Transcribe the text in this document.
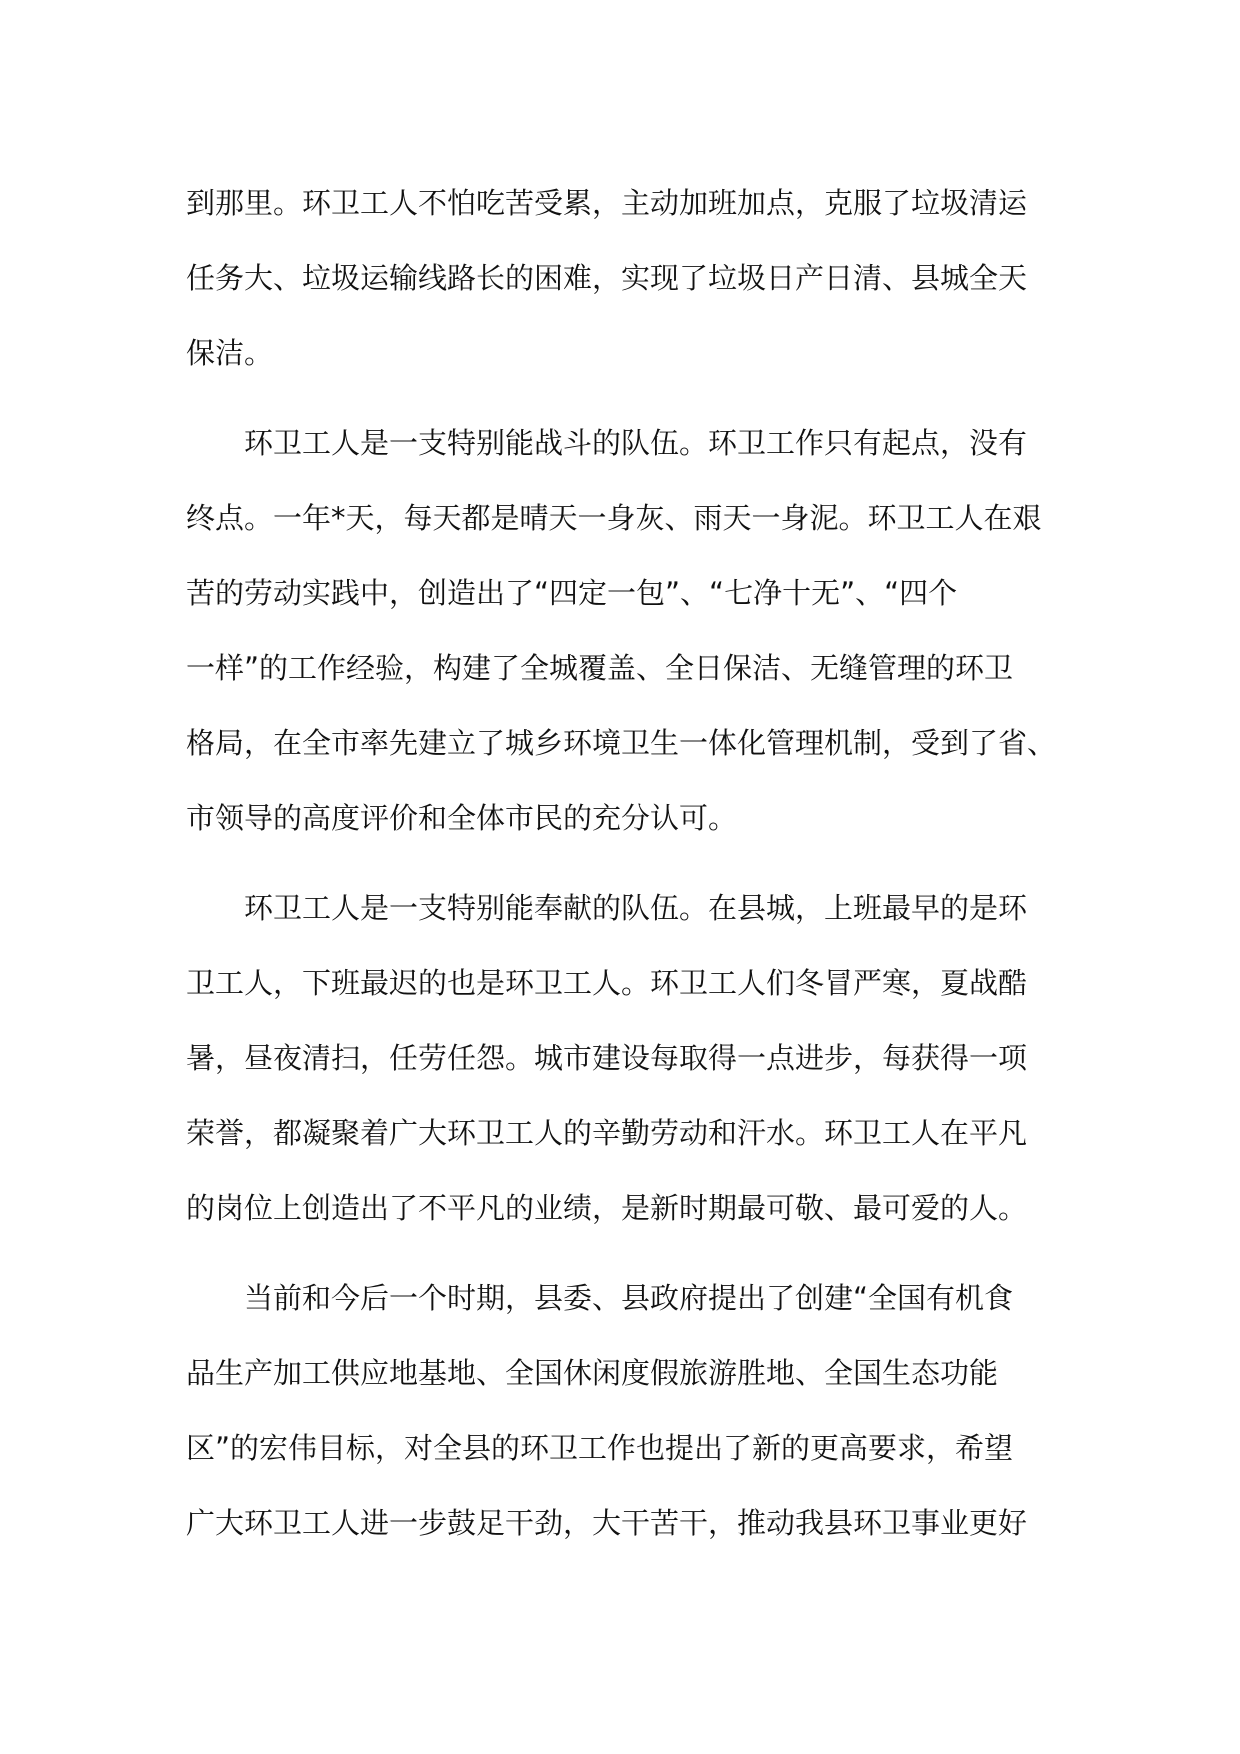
到那里。环卫工人不怕吃苦受累，主动加班加点，克服了垃圾清运
任务大、垃圾运输线路长的困难，实现了垃圾日产日清、县城全天
保洁。
环卫工人是一支特别能战斗的队伍。环卫工作只有起点，没有
终点。一年*天，每天都是晴天一身灰、雨天一身泥。环卫工人在艰
苦的劳动实践中，创造出了“四定一包”、“七净十无”、“四个
一样”的工作经验，构建了全城覆盖、全日保洁、无缝管理的环卫
格局，在全市率先建立了城乡环境卫生一体化管理机制，受到了省、
市领导的高度评价和全体市民的充分认可。
环卫工人是一支特别能奉献的队伍。在县城，上班最早的是环
卫工人，下班最迟的也是环卫工人。环卫工人们冬冒严寒，夏战酷
暑，昼夜清扫，任劳任怨。城市建设每取得一点进步，每获得一项
荣誉，都凝聚着广大环卫工人的辛勤劳动和汗水。环卫工人在平凡
的岗位上创造出了不平凡的业绩，是新时期最可敬、最可爱的人。
当前和今后一个时期，县委、县政府提出了创建“全国有机食
品生产加工供应地基地、全国休闲度假旅游胜地、全国生态功能
区”的宏伟目标，对全县的环卫工作也提出了新的更高要求，希望
广大环卫工人进一步鼓足干劲，大干苦干，推动我县环卫事业更好
